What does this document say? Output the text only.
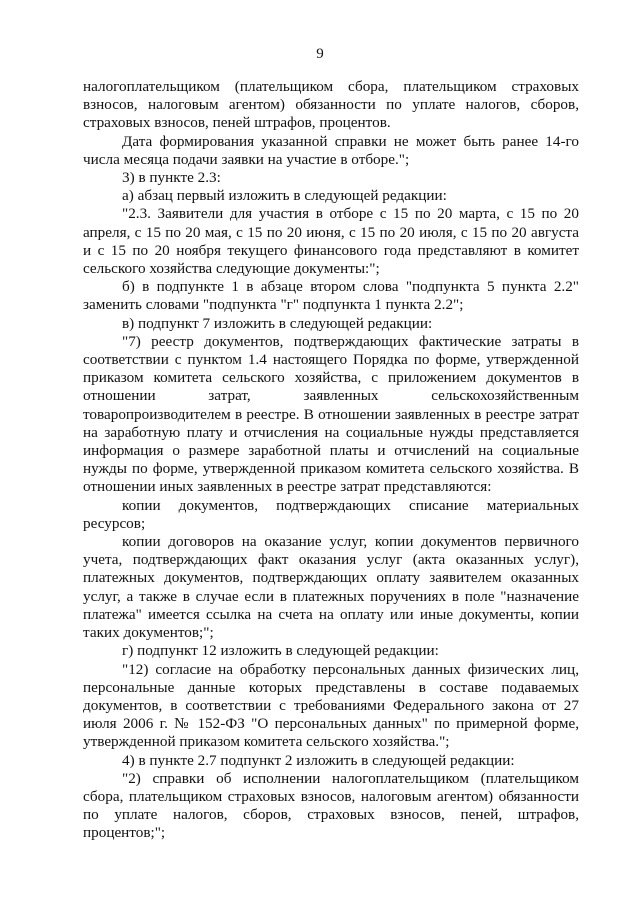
9

налогоплательщиком (плательщиком сбора, плательщиком страховых взносов, налоговым агентом) обязанности по уплате налогов, сборов, страховых взносов, пеней штрафов, процентов.

Дата формирования указанной справки не может быть ранее 14-го числа месяца подачи заявки на участие в отборе.";

3) в пункте 2.3:

а) абзац первый изложить в следующей редакции:

"2.3. Заявители для участия в отборе с 15 по 20 марта, с 15 по 20 апреля, с 15 по 20 мая, с 15 по 20 июня, с 15 по 20 июля, с 15 по 20 августа и с 15 по 20 ноября текущего финансового года представляют в комитет сельского хозяйства следующие документы:";

б) в подпункте 1 в абзаце втором слова "подпункта 5 пункта 2.2" заменить словами "подпункта "г" подпункта 1 пункта 2.2";

в) подпункт 7 изложить в следующей редакции:

"7) реестр документов, подтверждающих фактические затраты в соответствии с пунктом 1.4 настоящего Порядка по форме, утвержденной приказом комитета сельского хозяйства, с приложением документов в отношении затрат, заявленных сельскохозяйственным товаропроизводителем в реестре. В отношении заявленных в реестре затрат на заработную плату и отчисления на социальные нужды представляется информация о размере заработной платы и отчислений на социальные нужды по форме, утвержденной приказом комитета сельского хозяйства. В отношении иных заявленных в реестре затрат представляются:

копии документов, подтверждающих списание материальных ресурсов;

копии договоров на оказание услуг, копии документов первичного учета, подтверждающих факт оказания услуг (акта оказанных услуг), платежных документов, подтверждающих оплату заявителем оказанных услуг, а также в случае если в платежных поручениях в поле "назначение платежа" имеется ссылка на счета на оплату или иные документы, копии таких документов;";

г) подпункт 12 изложить в следующей редакции:

"12) согласие на обработку персональных данных физических лиц, персональные данные которых представлены в составе подаваемых документов, в соответствии с требованиями Федерального закона от 27 июля 2006 г. № 152-ФЗ "О персональных данных" по примерной форме, утвержденной приказом комитета сельского хозяйства.";

4) в пункте 2.7 подпункт 2 изложить в следующей редакции:

"2) справки об исполнении налогоплательщиком (плательщиком сбора, плательщиком страховых взносов, налоговым агентом) обязанности по уплате налогов, сборов, страховых взносов, пеней, штрафов, процентов;";
